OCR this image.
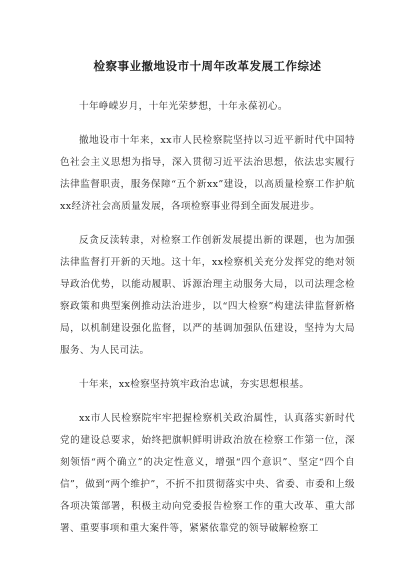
检察事业撤地设市十周年改革发展工作综述

十年峥嵘岁月，十年光荣梦想，十年永葆初心。

撤地设市十年来，xx市人民检察院坚持以习近平新时代中国特色社会主义思想为指导，深入贯彻习近平法治思想，依法忠实履行法律监督职责，服务保障“五个新xx”建设，以高质量检察工作护航xx经济社会高质量发展，各项检察事业得到全面发展进步。

反贪反渎转隶，对检察工作创新发展提出新的课题，也为加强法律监督打开新的天地。这十年，xx检察机关充分发挥党的绝对领导政治优势，以能动履职、诉源治理主动服务大局，以司法理念检察政策和典型案例推动法治进步，以“四大检察”构建法律监督新格局，以机制建设强化监督，以严的基调加强队伍建设，坚持为大局服务、为人民司法。

十年来，xx检察坚持筑牢政治忠诚，夯实思想根基。

xx市人民检察院牢牢把握检察机关政治属性，认真落实新时代党的建设总要求，始终把旗帜鲜明讲政治放在检察工作第一位，深刻领悟“两个确立”的决定性意义，增强“四个意识”、坚定“四个自信”，做到“两个维护”，不折不扣贯彻落实中央、省委、市委和上级各项决策部署，积极主动向党委报告检察工作的重大改革、重大部署、重要事项和重大案件等，紧紧依靠党的领导破解检察工
